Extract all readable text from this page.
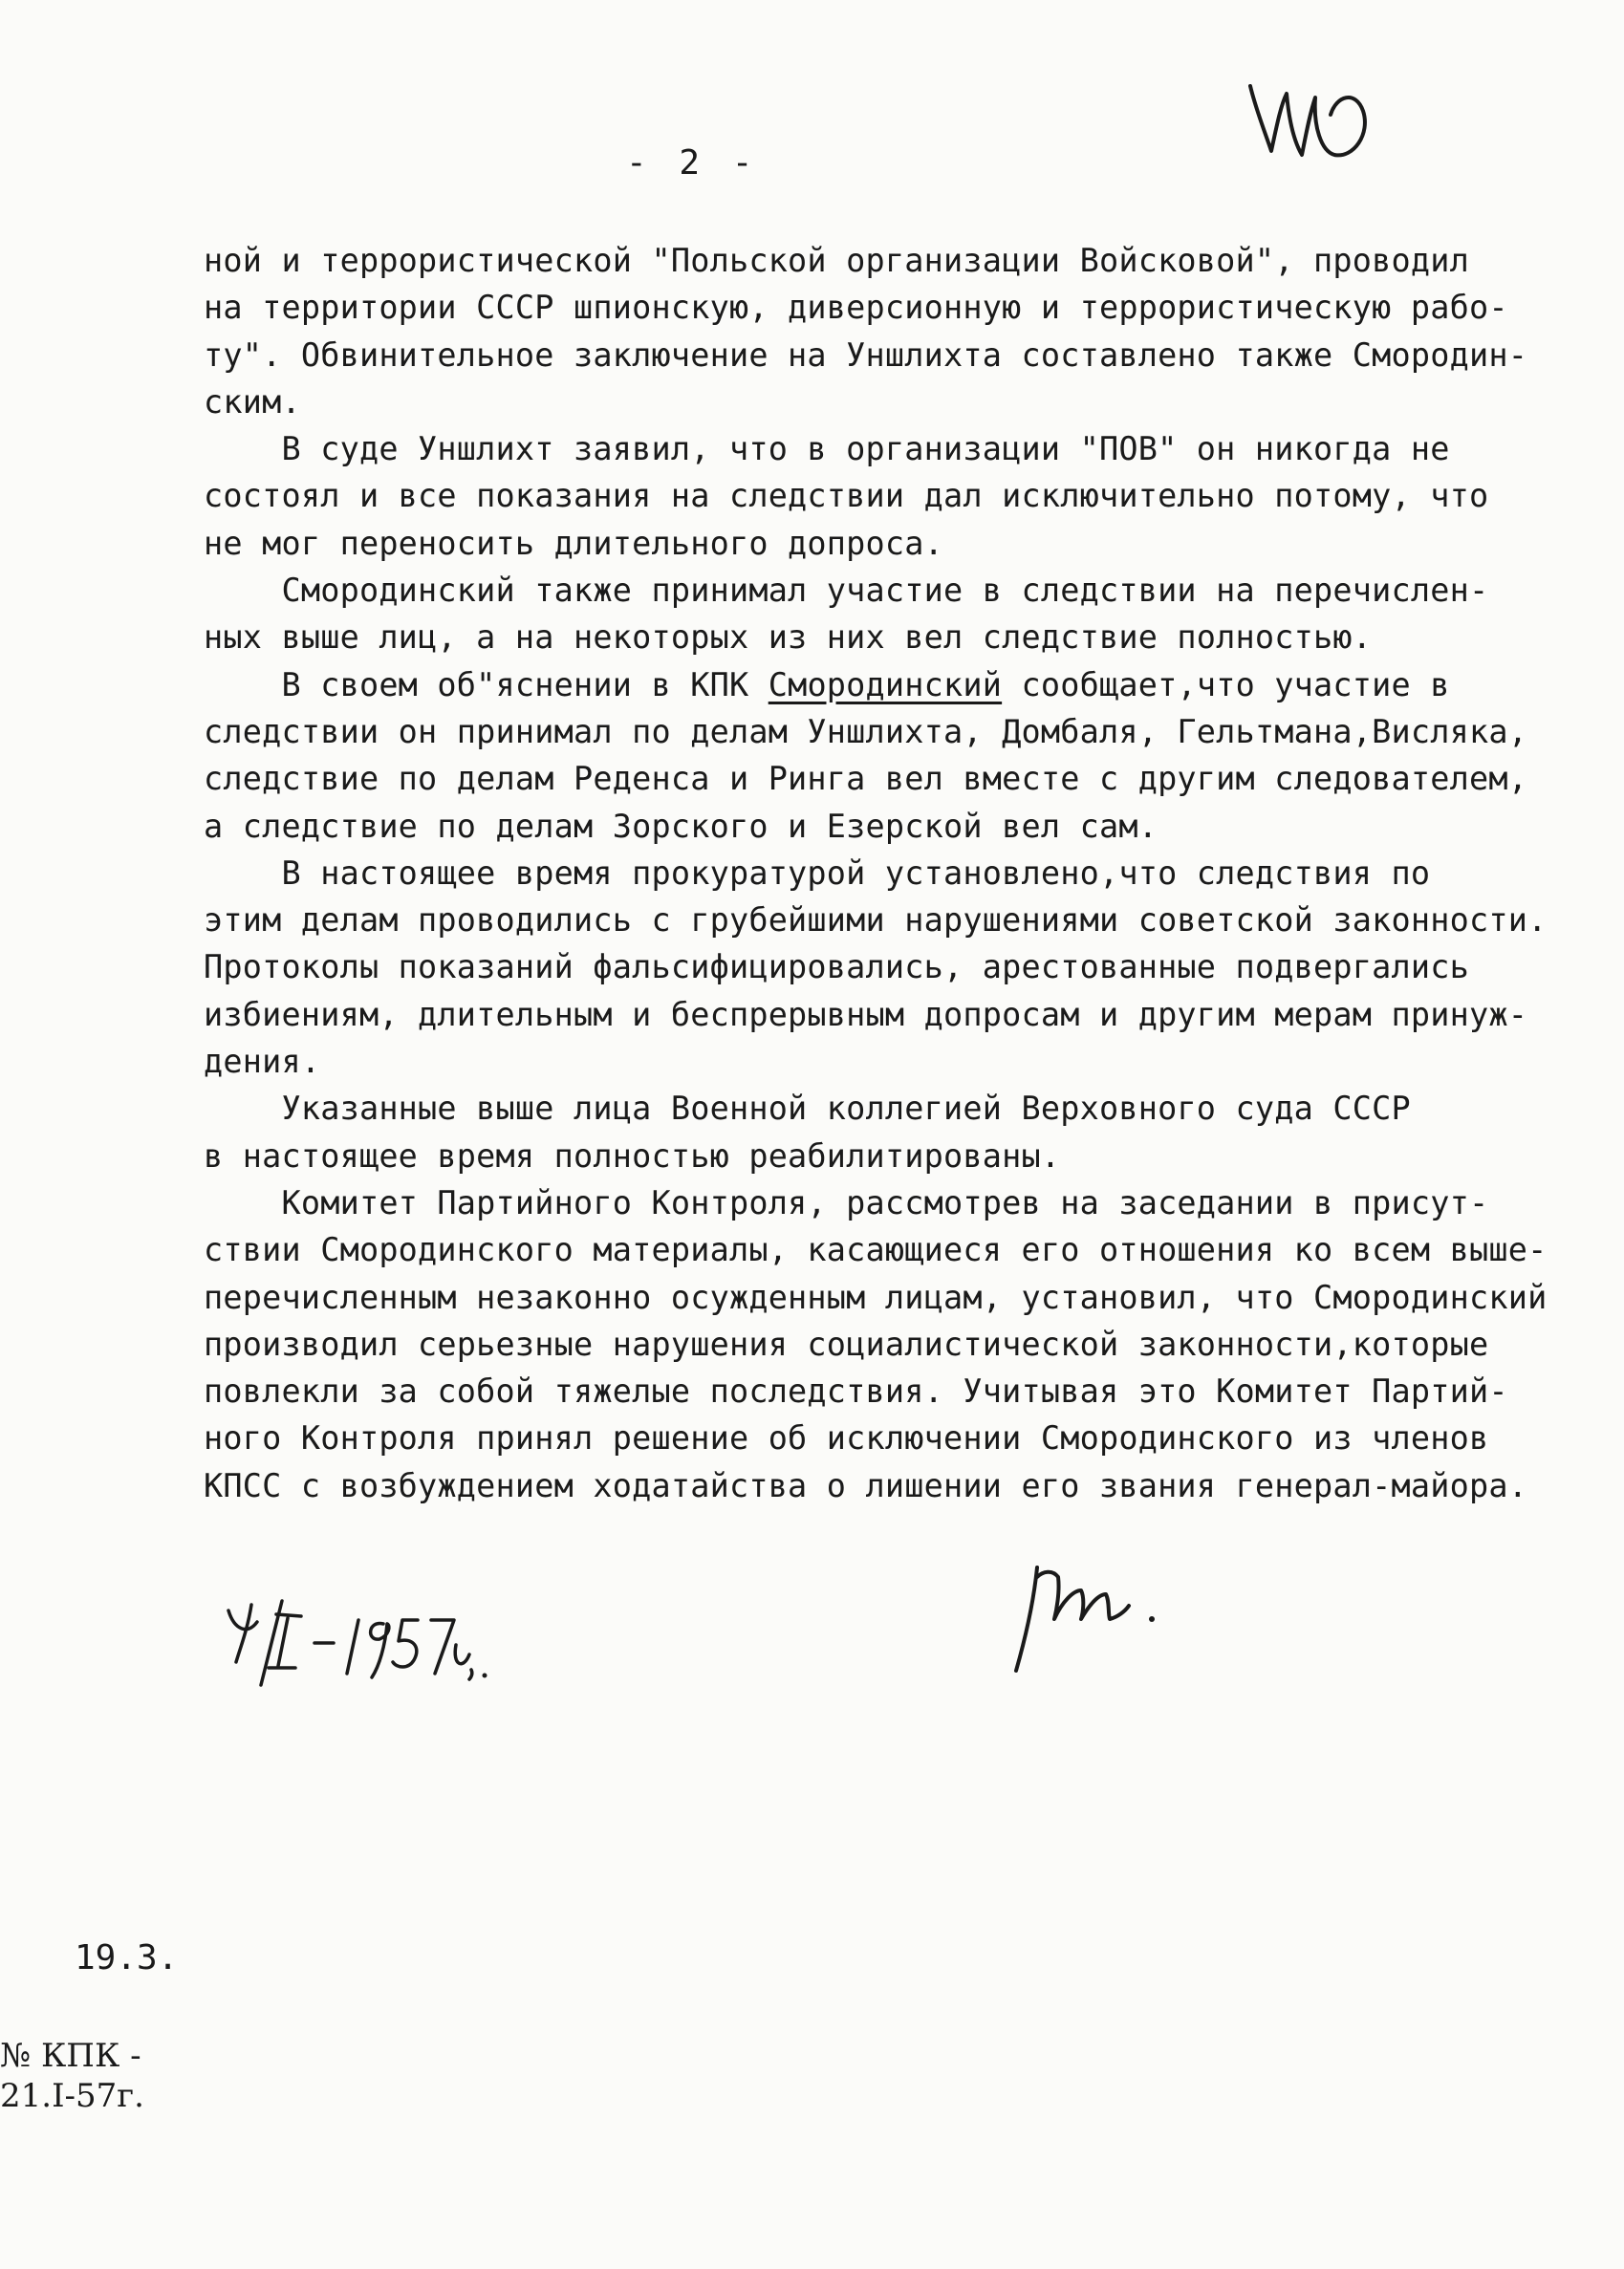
- 2 -
ной и террористической "Польской организации Войсковой", проводил
на территории СССР шпионскую, диверсионную и террористическую рабо-
ту". Обвинительное заключение на Уншлихта составлено также Смородин-
ским.
В суде Уншлихт заявил, что в организации "ПОВ" он никогда не
состоял и все показания на следствии дал исключительно потому, что
не мог переносить длительного допроса.
Смородинский также принимал участие в следствии на перечислен-
ных выше лиц, а на некоторых из них вел следствие полностью.
В своем об"яснении в КПК Смородинский сообщает,что участие в
следствии он принимал по делам Уншлихта, Домбаля, Гельтмана,Висляка,
следствие по делам Реденса и Ринга вел вместе с другим следователем,
а следствие по делам Зорского и Езерской вел сам.
В настоящее время прокуратурой установлено,что следствия по
этим делам проводились с грубейшими нарушениями советской законности.
Протоколы показаний фальсифицировались, арестованные подвергались
избиениям, длительным и беспрерывным допросам и другим мерам принуж-
дения.
Указанные выше лица Военной коллегией Верховного суда СССР
в настоящее время полностью реабилитированы.
Комитет Партийного Контроля, рассмотрев на заседании в присут-
ствии Смородинского материалы, касающиеся его отношения ко всем выше-
перечисленным незаконно осужденным лицам, установил, что Смородинский
производил серьезные нарушения социалистической законности,которые
повлекли за собой тяжелые последствия. Учитывая это Комитет Партий-
ного Контроля принял решение об исключении Смородинского из членов
КПСС с возбуждением ходатайства о лишении его звания генерал-майора.
19.3.
№ КПК -
21.I-57г.
